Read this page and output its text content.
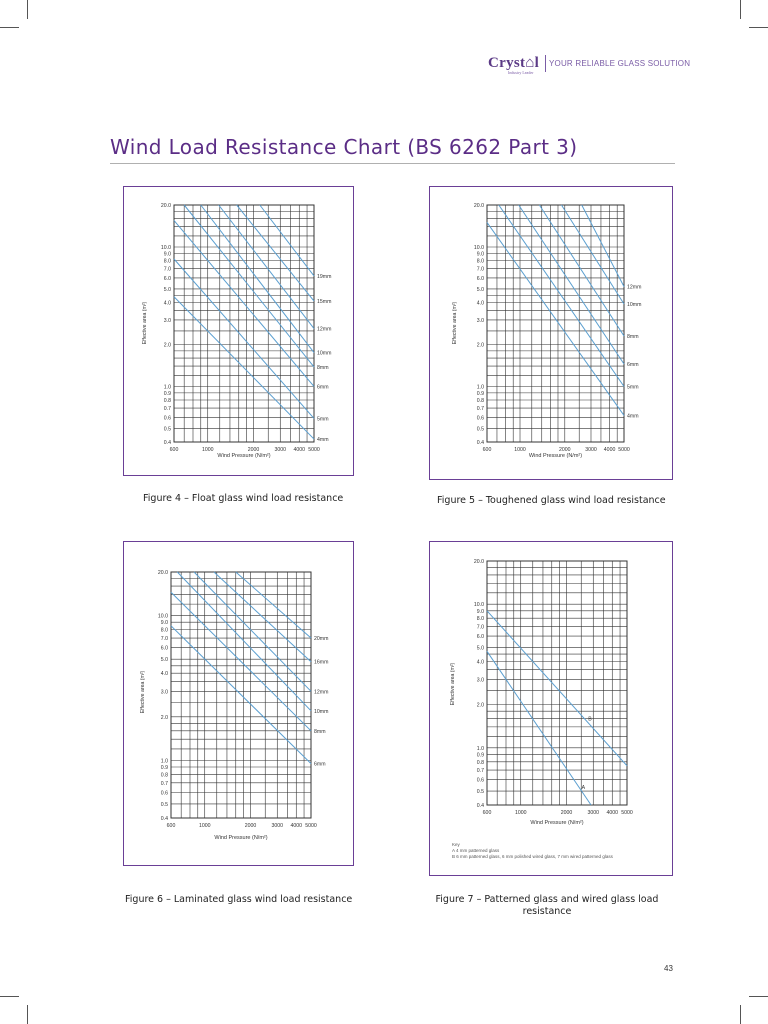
Cryst⌂l
Industry Leader
YOUR RELIABLE GLASS SOLUTION
Wind Load Resistance Chart (BS 6262 Part 3)
20.0
10.0
9.0
8.0
7.0
6.0
5.0
4.0
3.0
2.0
1.0
0.9
0.8
0.7
0.6
0.5
0.4
600	1000	2000	3000 4000 5000
Wind Pressure (N/m²)
Effective area (m²)
19mm
15mm
12mm
10mm
8mm
6mm
5mm
4mm
20.0
10.0
9.0
8.0
7.0
6.0
5.0
4.0
3.0
2.0
1.0
0.9
0.8
0.7
0.6
0.5
0.4
600	1000	2000	3000 4000 5000
Wind Pressure (N/m²)
Effective area (m²)
12mm
10mm
8mm
6mm
5mm
4mm
20.0
10.0
9.0
8.0
7.0
6.0
5.0
4.0
3.0
2.0
1.0
0.9
0.8
0.7
0.6
0.5
0.4
600	1000	2000	3000 4000 5000
Wind Pressure (N/m²)
Effective area (m²)
20mm
16mm
12mm
10mm
8mm
6mm
20.0
10.0
9.0
8.0
7.0
6.0
5.0
4.0
3.0
2.0
1.0
0.9
0.8
0.7
0.6
0.5
0.4
600	1000	2000	3000 4000 5000
Wind Pressure (N/m²)
Effective area (m²)
A
B
Key
A 4 mm patterned glass
B 6 mm patterned glass, 6 mm polished wired glass, 7 mm wired patterned glass
Figure 4 – Float glass wind load resistance	Figure 5 – Toughened glass wind load resistance
Figure 6 – Laminated glass wind load resistance	Figure 7 – Patterned glass and wired glass load resistance
43
